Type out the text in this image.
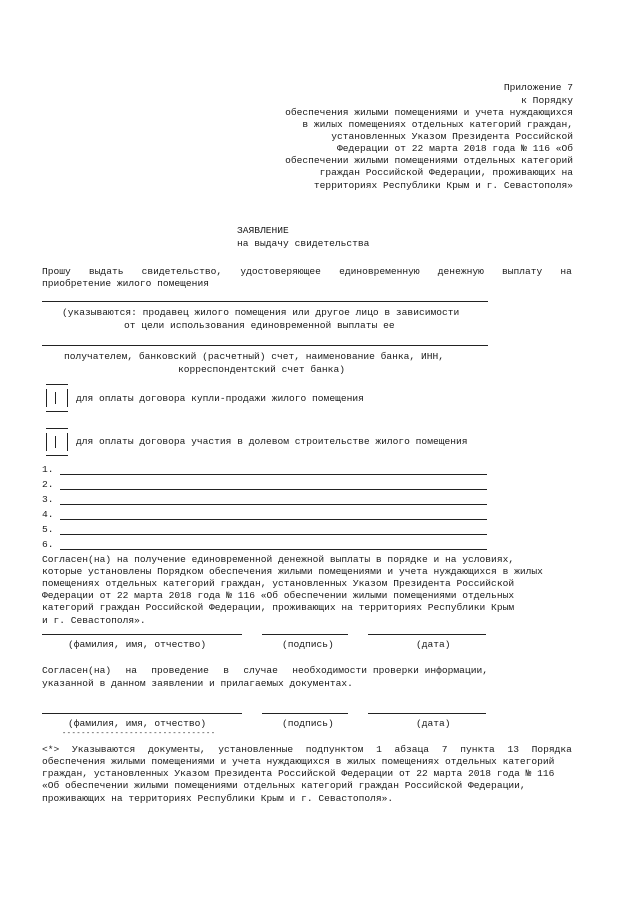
Приложение 7
к Порядку
обеспечения жилыми помещениями и учета нуждающихся
в жилых помещениях отдельных категорий граждан,
установленных Указом Президента Российской
Федерации от 22 марта 2018 года № 116 «Об
обеспечении жилыми помещениями отдельных категорий
граждан Российской Федерации, проживающих на
территориях Республики Крым и г. Севастополя»
ЗАЯВЛЕНИЕ
на выдачу свидетельства
Прошу выдать свидетельство, удостоверяющее единовременную денежную выплату на
приобретение жилого помещения
(указываются: продавец жилого помещения или другое лицо в зависимости
от цели использования единовременной выплаты ее
получателем, банковский (расчетный) счет, наименование банка, ИНН,
корреспондентский счет банка)
для оплаты договора купли-продажи жилого помещения
для оплаты договора участия в долевом строительстве жилого помещения
1.
2.
3.
4.
5.
6.
Согласен(на) на получение единовременной денежной выплаты в порядке и на условиях,
которые установлены Порядком обеспечения жилыми помещениями и учета нуждающихся в жилых
помещениях отдельных категорий граждан, установленных Указом Президента Российской
Федерации от 22 марта 2018 года № 116 «Об обеспечении жилыми помещениями отдельных
категорий граждан Российской Федерации, проживающих на территориях Республики Крым
и г. Севастополя».
(фамилия, имя, отчество)	(подпись)	(дата)
Согласен(на) на проведение в случае необходимости проверки информации,
указанной в данном заявлении и прилагаемых документах.
(фамилия, имя, отчество)	(подпись)	(дата)
--------------------------------
<*> Указываются документы, установленные подпунктом 1 абзаца 7 пункта 13 Порядка
обеспечения жилыми помещениями и учета нуждающихся в жилых помещениях отдельных категорий
граждан, установленных Указом Президента Российской Федерации от 22 марта 2018 года № 116
«Об обеспечении жилыми помещениями отдельных категорий граждан Российской Федерации,
проживающих на территориях Республики Крым и г. Севастополя».
